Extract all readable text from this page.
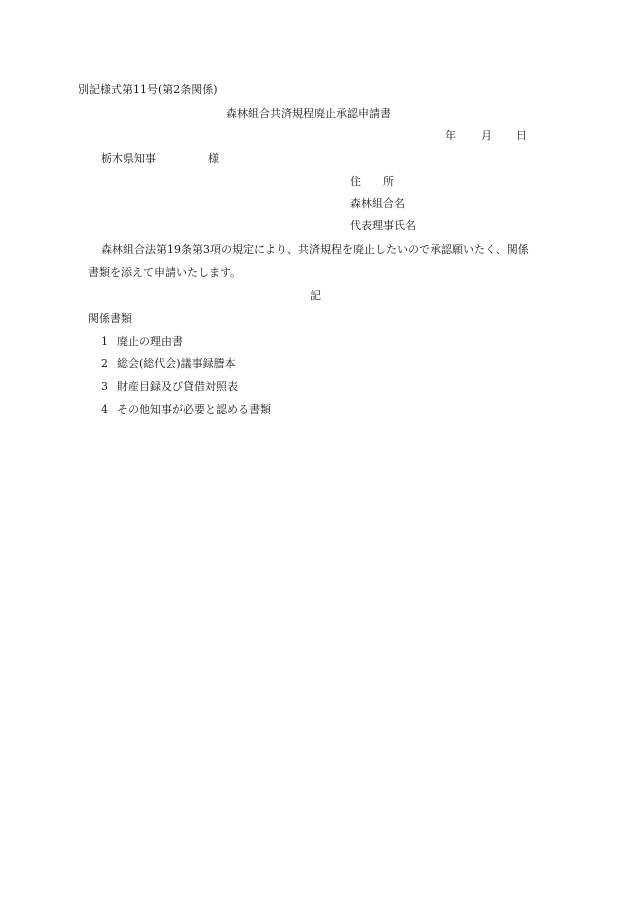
別記様式第11号(第2条関係)
森林組合共済規程廃止承認申請書
年 月 日
栃木県知事	様
住 所
森林組合名
代表理事氏名
森林組合法第19条第3項の規定により、共済規程を廃止したいので承認願いたく、関係
書類を添えて申請いたします。
記
関係書類
1 廃止の理由書
2 総会(総代会)議事録謄本
3 財産目録及び貸借対照表
4 その他知事が必要と認める書類
